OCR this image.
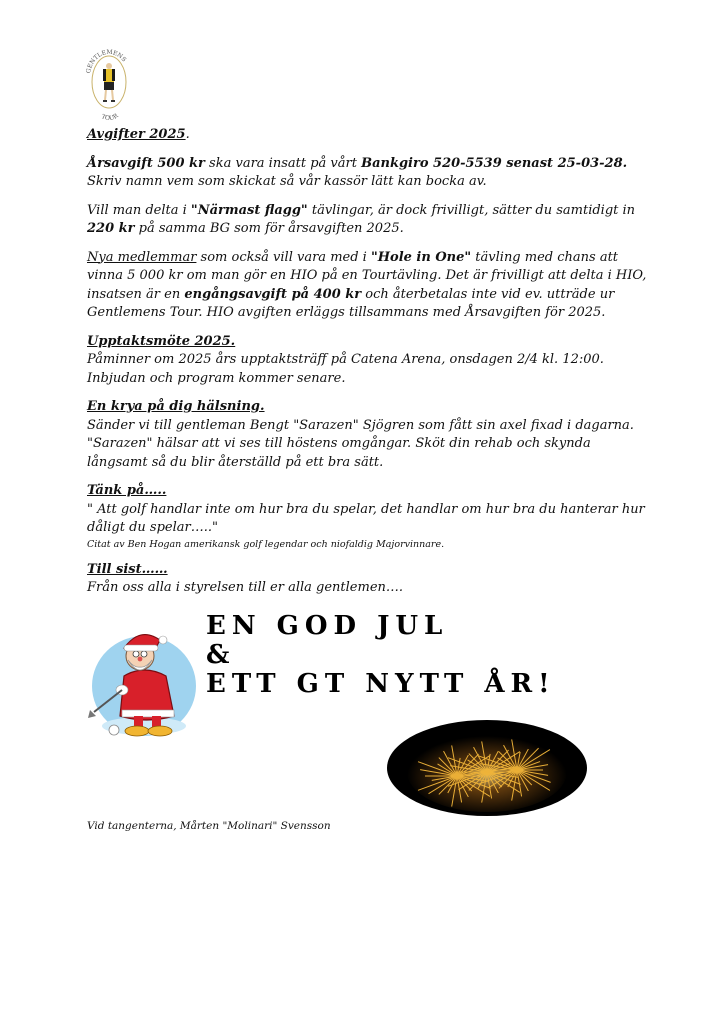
GENTLEMENS
TOUR

Avgifter 2025.

Årsavgift 500 kr ska vara insatt på vårt Bankgiro 520-5539 senast 25-03-28.
Skriv namn vem som skickat så vår kassör lätt kan bocka av.

Vill man delta i "Närmast flagg" tävlingar, är dock frivilligt, sätter du samtidigt in 220 kr på samma BG som för årsavgiften 2025.

Nya medlemmar som också vill vara med i "Hole in One" tävling med chans att vinna 5 000 kr om man gör en HIO på en Tourtävling. Det är frivilligt att delta i HIO, insatsen är en engångsavgift på 400 kr och återbetalas inte vid ev. utträde ur Gentlemens Tour. HIO avgiften erläggs tillsammans med Årsavgiften för 2025.

Upptaktsmöte 2025.

Påminner om 2025 års upptaktsträff på Catena Arena, onsdagen 2/4 kl. 12:00. Inbjudan och program kommer senare.

En krya på dig hälsning.

Sänder vi till gentleman Bengt "Sarazen" Sjögren som fått sin axel fixad i dagarna. "Sarazen" hälsar att vi ses till höstens omgångar. Sköt din rehab och skynda långsamt så du blir återställd på ett bra sätt.

Tänk på…..

" Att golf handlar inte om hur bra du spelar, det handlar om hur bra du hanterar hur dåligt du spelar….."

Citat av Ben Hogan amerikansk golf legendar och niofaldig Majorvinnare.

Till sist……

Från oss alla i styrelsen till er alla gentlemen….

EN GOD JUL
&
ETT GT NYTT ÅR!
Vid tangenterna, Mårten "Molinari" Svensson
